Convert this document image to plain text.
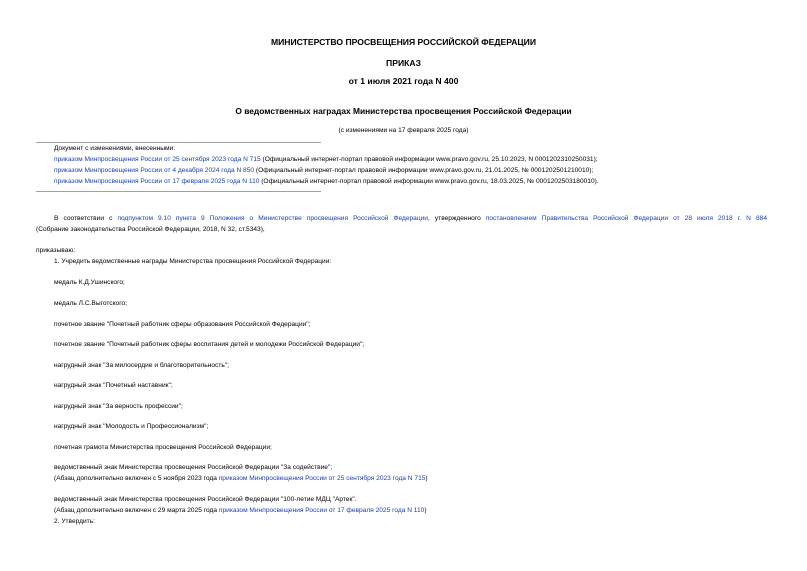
МИНИСТЕРСТВО ПРОСВЕЩЕНИЯ РОССИЙСКОЙ ФЕДЕРАЦИИ
ПРИКАЗ
от 1 июля 2021 года N 400
О ведомственных наградах Министерства просвещения Российской Федерации
(с изменениями на 17 февраля 2025 года)
Документ с изменениями, внесенными:
приказом Минпросвещения России от 25 сентября 2023 года N 715 (Официальный интернет-портал правовой информации www.pravo.gov.ru, 25.10.2023, N 0001202310250031);
приказом Минпросвещения России от 4 декабря 2024 года N 850 (Официальный интернет-портал правовой информации www.pravo.gov.ru, 21.01.2025, № 0001202501210010);
приказом Минпросвещения России от 17 февраля 2025 года N 110 (Официальный интернет-портал правовой информации www.pravo.gov.ru, 18.03.2025, № 0001202503180010).
В соответствии с подпунктом 9.10 пункта 9 Положения о Министерстве просвещения Российской Федерации, утвержденного постановлением Правительства Российской Федерации от 28 июля 2018 г. N 884
(Собрание законодательства Российской Федерации, 2018, N 32, ст.5343),
приказываю:
1. Учредить ведомственные награды Министерства просвещения Российской Федерации:
медаль К.Д.Ушинского;
медаль Л.С.Выготского;
почетное звание "Почетный работник сферы образования Российской Федерации";
почетное звание "Почетный работник сферы воспитания детей и молодежи Российской Федерации";
нагрудный знак "За милосердие и благотворительность";
нагрудный знак "Почетный наставник";
нагрудный знак "За верность профессии";
нагрудный знак "Молодость и Профессионализм";
почетная грамота Министерства просвещения Российской Федерации;
ведомственный знак Министерства просвещения Российской Федерации "За содействие";
(Абзац дополнительно включен с 5 ноября 2023 года приказом Минпросвещения России от 25 сентября 2023 года N 715)
ведомственный знак Министерства просвещения Российской Федерации "100-летие МДЦ "Артек".
(Абзац дополнительно включен с 29 марта 2025 года приказом Минпросвещения России от 17 февраля 2025 года N 110)
2. Утвердить:
